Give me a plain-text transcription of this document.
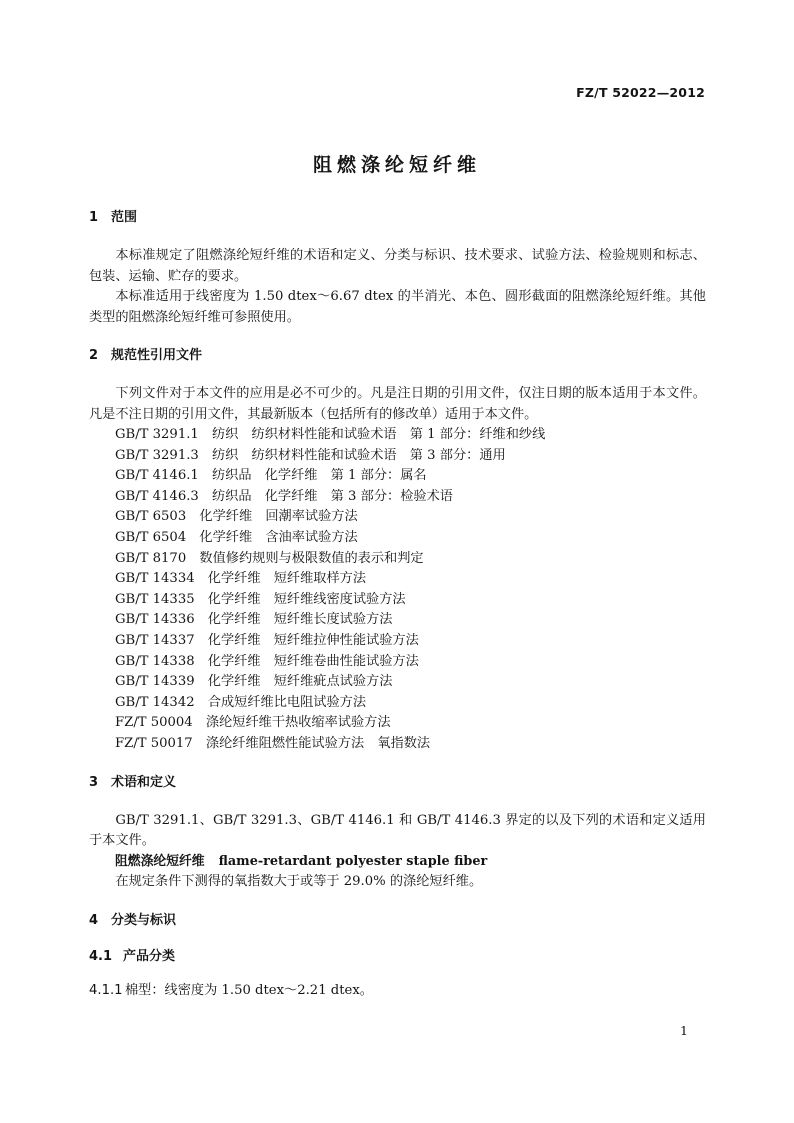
FZ/T 52022—2012
阻燃涤纶短纤维

1 范围

本标准规定了阻燃涤纶短纤维的术语和定义、分类与标识、技术要求、试验方法、检验规则和标志、包装、运输、贮存的要求。

本标准适用于线密度为 1.50 dtex～6.67 dtex 的半消光、本色、圆形截面的阻燃涤纶短纤维。其他类型的阻燃涤纶短纤维可参照使用。

2 规范性引用文件

下列文件对于本文件的应用是必不可少的。凡是注日期的引用文件，仅注日期的版本适用于本文件。凡是不注日期的引用文件，其最新版本（包括所有的修改单）适用于本文件。

GB/T 3291.1　纺织　纺织材料性能和试验术语　第 1 部分：纤维和纱线

GB/T 3291.3　纺织　纺织材料性能和试验术语　第 3 部分：通用

GB/T 4146.1　纺织品　化学纤维　第 1 部分：属名

GB/T 4146.3　纺织品　化学纤维　第 3 部分：检验术语

GB/T 6503　化学纤维　回潮率试验方法

GB/T 6504　化学纤维　含油率试验方法

GB/T 8170　数值修约规则与极限数值的表示和判定

GB/T 14334　化学纤维　短纤维取样方法

GB/T 14335　化学纤维　短纤维线密度试验方法

GB/T 14336　化学纤维　短纤维长度试验方法

GB/T 14337　化学纤维　短纤维拉伸性能试验方法

GB/T 14338　化学纤维　短纤维卷曲性能试验方法

GB/T 14339　化学纤维　短纤维疵点试验方法

GB/T 14342　合成短纤维比电阻试验方法

FZ/T 50004　涤纶短纤维干热收缩率试验方法

FZ/T 50017　涤纶纤维阻燃性能试验方法　氧指数法

3 术语和定义

GB/T 3291.1、GB/T 3291.3、GB/T 4146.1 和 GB/T 4146.3 界定的以及下列的术语和定义适用于本文件。

阻燃涤纶短纤维 flame-retardant polyester staple fiber

在规定条件下测得的氧指数大于或等于 29.0% 的涤纶短纤维。

4 分类与标识

4.1 产品分类

4.1.1 棉型：线密度为 1.50 dtex～2.21 dtex。

1
